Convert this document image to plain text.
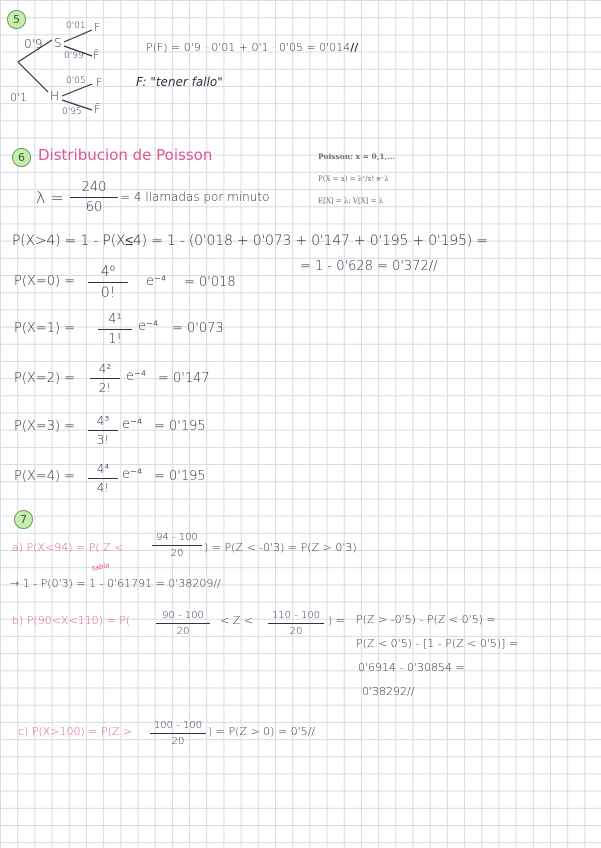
5
0'9 S
0'01 F
0'99 F̄
0'1 H
0'05 F
0'95 F̄
P(F) = 0'9 · 0'01 + 0'1 · 0'05 = 0'014//
F: "tener fallo"
6 Distribucion de Poisson
λ =
240
60
= 4 llamadas por minuto
Poisson: x = 0,1,...
P(X = x) = λˣ/x! e⁻λ
E[X] = λ; V[X] = λ
P(X>4) = 1 - P(X≤4) = 1 - (0'018 + 0'073 + 0'147 + 0'195 + 0'195) =
= 1 - 0'628 = 0'372//
P(X=0) =
4⁰
0!
e⁻⁴ = 0'018
P(X=1) =
4¹
1!
e⁻⁴ = 0'073
P(X=2) =
4²
2!
e⁻⁴ = 0'147
P(X=3) = 4³
3!
e⁻⁴ = 0'195
P(X=4) = 4⁴
4!
e⁻⁴ = 0'195
7
a) P(X<94) = P( Z <
94 - 100
20 ) = P(Z < -0'3) = P(Z > 0'3)
tabla
→ 1 - P(0'3) = 1 - 0'61791 = 0'38209//
b) P(90<X<110) = P(	90 - 100
20
< Z < 110 - 100
20
) = P(Z > -0'5) - P(Z < 0'5) =
P(Z < 0'5) - [1 - P(Z < 0'5)] =
0'6914 - 0'30854 =
0'38292//
c) P(X>100) = P(Z > 100 - 100
20
) = P(Z > 0) = 0'5//
